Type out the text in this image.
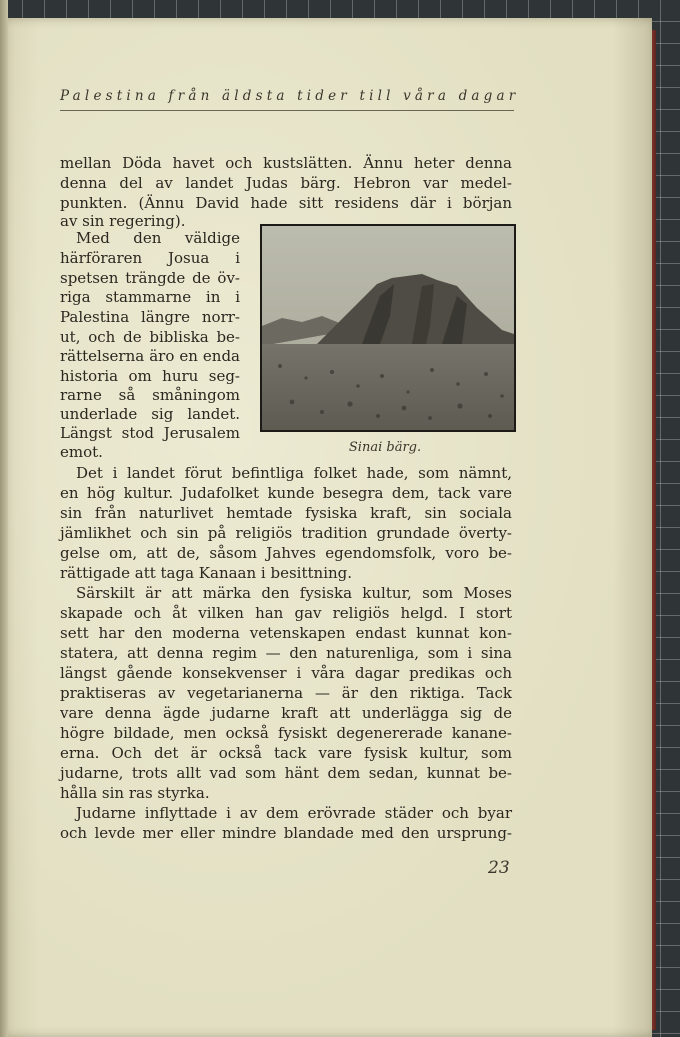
Palestina från äldsta tider till våra dagar
mellan Döda havet och kustslätten. Ännu heter denna
denna del av landet Judas bärg. Hebron var medel-
punkten. (Ännu David hade sitt residens där i början
av sin regering).
Med den väldige
härföraren Josua i
spetsen trängde de öv-
riga stammarne in i
Palestina längre norr-
ut, och de bibliska be-
rättelserna äro en enda
historia om huru seg-
rarne så småningom
underlade sig landet.
Längst stod Jerusalem
emot.	Sinai bärg.
Det i landet förut befintliga folket hade, som nämnt,
en hög kultur. Judafolket kunde besegra dem, tack vare
sin från naturlivet hemtade fysiska kraft, sin sociala
jämlikhet och sin på religiös tradition grundade överty-
gelse om, att de, såsom Jahves egendomsfolk, voro be-
rättigade att taga Kanaan i besittning.
Särskilt är att märka den fysiska kultur, som Moses
skapade och åt vilken han gav religiös helgd. I stort
sett har den moderna vetenskapen endast kunnat kon-
statera, att denna regim — den naturenliga, som i sina
längst gående konsekvenser i våra dagar predikas och
praktiseras av vegetarianerna — är den riktiga. Tack
vare denna ägde judarne kraft att underlägga sig de
högre bildade, men också fysiskt degenererade kananе-
erna. Och det är också tack vare fysisk kultur, som
judarne, trots allt vad som hänt dem sedan, kunnat be-
hålla sin ras styrka.
Judarne inflyttade i av dem erövrade städer och byar
och levde mer eller mindre blandade med den ursprung-
23
